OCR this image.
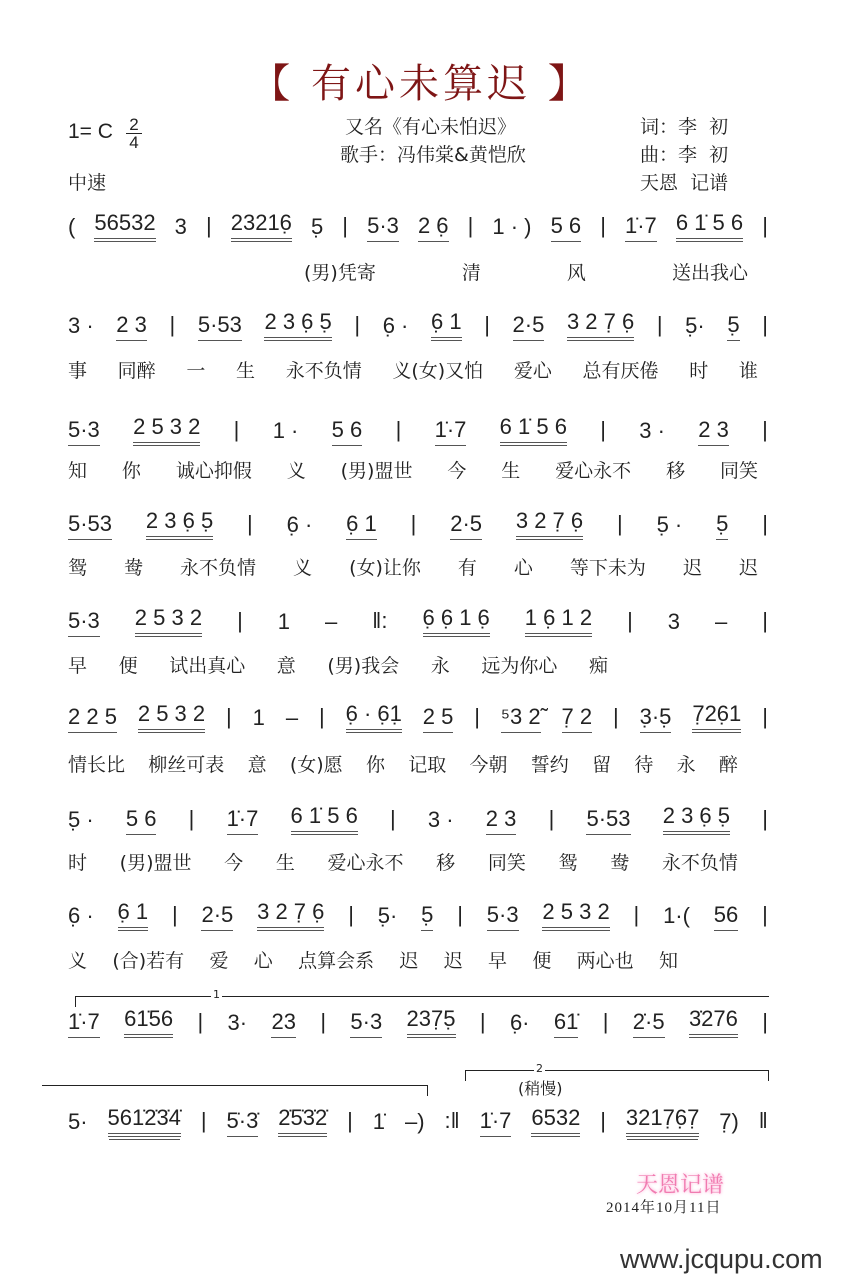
【 有心未算迟 】
1= C 2
4
中速
又名《有心未怕迟》
歌手：冯伟棠&黄恺欣
词：李  初
曲：李  初
天恩  记谱
( 56532 3 | 23216̣ 5̣ | 5·3 2 6̣ | 1 · ) 5 6 | 1̇·7 6 1̇ 5 6 |
(男)凭寄	清	风	送出我心
3 · 2 3 | 5·53 2 3 6̣ 5̣ | 6̣ · 6̣ 1 | 2·5 3 2 7̣ 6̣ | 5̣· 5̣ |
事 同醉 一 生 永不负情 义(女)又怕 爱心 总有厌倦 时 谁
5·3 2 5 3 2 | 1 · 5 6 | 1̇·7 6 1̇ 5 6 | 3 · 2 3 |
知 你 诚心抑假 义 (男)盟世 今 生 爱心永不 移 同笑
5·53 2 3 6̣ 5̣ | 6̣ · 6̣ 1 | 2·5 3 2 7̣ 6̣ | 5̣ · 5̣ |
鸳 鸯 永不负情 义 (女)让你 有 心 等下未为 迟 迟
5·3 2 5 3 2 | 1 – ‖: 6̣ 6̣ 1 6̣ 1 6̣ 1 2 | 3 – |
早 便 试出真心 意 (男)我会 永 远为你心 痴
2 2 5 2 5 3 2 | 1 – | 6̣ · 6̣1̣ 2 5 | ⁵3 2̃ 7̣ 2 | 3̣·5̣ 7̣26̣1 |
情长比 柳丝可表 意 (女)愿 你 记取 今朝 誓约 留 待 永 醉
5̣ · 5 6 | 1̇·7 6 1̇ 5 6 | 3 · 2 3 | 5·53 2 3 6̣ 5̣ |
时 (男)盟世 今 生 爱心永不 移 同笑 鸳 鸯 永不负情
6̣ · 6̣ 1 | 2·5 3 2 7̣ 6̣ | 5̣· 5̣ | 5·3 2 5 3 2 | 1·( 56 |
义 (合)若有 爱 心 点算会系 迟 迟 早 便 两心也 知
1̇·7 61̇56 | 3· 23 | 5·3 237̣5̣ | 6̣· 61̇ | 2̇·5 3̇276 |
5· 561̇2̇3̇4̇ | 5̇·3̇ 2̇5̇3̇2̇ | 1̇ –) :‖ 1̇·7 6532 | 3217̣6̣7̣ 7̣) ‖
1
2
(稍慢)
天恩记谱
2014年10月11日
www.jcqupu.com
